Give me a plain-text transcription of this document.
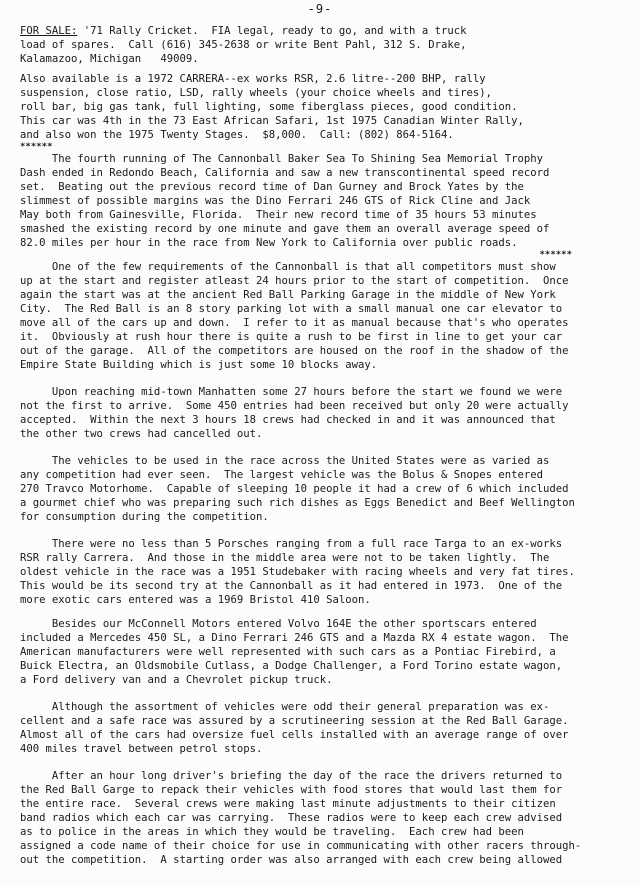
-9-
FOR SALE: '71 Rally Cricket.  FIA legal, ready to go, and with a truck
load of spares.  Call (616) 345-2638 or write Bent Pahl, 312 S. Drake,
Kalamazoo, Michigan   49009.
Also available is a 1972 CARRERA--ex works RSR, 2.6 litre--200 BHP, rally
suspension, close ratio, LSD, rally wheels (your choice wheels and tires),
roll bar, big gas tank, full lighting, some fiberglass pieces, good condition.
This car was 4th in the 73 East African Safari, 1st 1975 Canadian Winter Rally,
and also won the 1975 Twenty Stages.  $8,000.  Call: (802) 864-5164.
******
The fourth running of The Cannonball Baker Sea To Shining Sea Memorial Trophy
Dash ended in Redondo Beach, California and saw a new transcontinental speed record
set.  Beating out the previous record time of Dan Gurney and Brock Yates by the
slimmest of possible margins was the Dino Ferrari 246 GTS of Rick Cline and Jack
May both from Gainesville, Florida.  Their new record time of 35 hours 53 minutes
smashed the existing record by one minute and gave them an overall average speed of
82.0 miles per hour in the race from New York to California over public roads.
******
One of the few requirements of the Cannonball is that all competitors must show
up at the start and register atleast 24 hours prior to the start of competition.  Once
again the start was at the ancient Red Ball Parking Garage in the middle of New York
City.  The Red Ball is an 8 story parking lot with a small manual one car elevator to
move all of the cars up and down.  I refer to it as manual because that's who operates
it.  Obviously at rush hour there is quite a rush to be first in line to get your car
out of the garage.  All of the competitors are housed on the roof in the shadow of the
Empire State Building which is just some 10 blocks away.
Upon reaching mid-town Manhatten some 27 hours before the start we found we were
not the first to arrive.  Some 450 entries had been received but only 20 were actually
accepted.  Within the next 3 hours 18 crews had checked in and it was announced that
the other two crews had cancelled out.
The vehicles to be used in the race across the United States were as varied as
any competition had ever seen.  The largest vehicle was the Bolus & Snopes entered
270 Travco Motorhome.  Capable of sleeping 10 people it had a crew of 6 which included
a gourmet chief who was preparing such rich dishes as Eggs Benedict and Beef Wellington
for consumption during the competition.
There were no less than 5 Porsches ranging from a full race Targa to an ex-works
RSR rally Carrera.  And those in the middle area were not to be taken lightly.  The
oldest vehicle in the race was a 1951 Studebaker with racing wheels and very fat tires.
This would be its second try at the Cannonball as it had entered in 1973.  One of the
more exotic cars entered was a 1969 Bristol 410 Saloon.
Besides our McConnell Motors entered Volvo 164E the other sportscars entered
included a Mercedes 450 SL, a Dino Ferrari 246 GTS and a Mazda RX 4 estate wagon.  The
American manufacturers were well represented with such cars as a Pontiac Firebird, a
Buick Electra, an Oldsmobile Cutlass, a Dodge Challenger, a Ford Torino estate wagon,
a Ford delivery van and a Chevrolet pickup truck.
Although the assortment of vehicles were odd their general preparation was ex-
cellent and a safe race was assured by a scrutineering session at the Red Ball Garage.
Almost all of the cars had oversize fuel cells installed with an average range of over
400 miles travel between petrol stops.
After an hour long driver's briefing the day of the race the drivers returned to
the Red Ball Garge to repack their vehicles with food stores that would last them for
the entire race.  Several crews were making last minute adjustments to their citizen
band radios which each car was carrying.  These radios were to keep each crew advised
as to police in the areas in which they would be traveling.  Each crew had been
assigned a code name of their choice for use in communicating with other racers through-
out the competition.  A starting order was also arranged with each crew being allowed
